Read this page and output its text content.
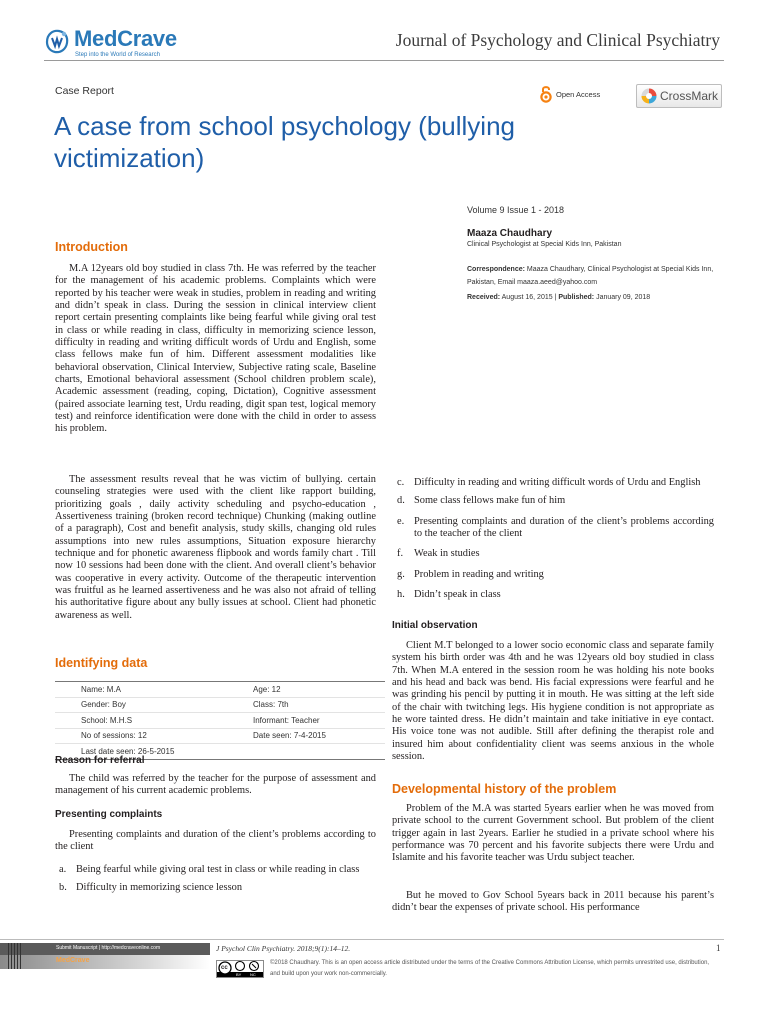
MedCrave
Step into the World of Research
Journal of Psychology and Clinical Psychiatry
Case Report	Open Access	CrossMark
A case from school psychology (bullying victimization)
Volume 9 Issue 1 - 2018
Maaza Chaudhary
Clinical Psychologist at Special Kids Inn, Pakistan
Correspondence: Maaza Chaudhary, Clinical Psychologist at Special Kids Inn, Pakistan, Email maaza.aeed@yahoo.com
Received: August 16, 2015 | Published: January 09, 2018
Introduction
M.A 12years old boy studied in class 7th. He was referred by the teacher for the management of his academic problems. Complaints which were reported by his teacher were weak in studies, problem in reading and writing and didn’t speak in class. During the session in clinical interview client report certain presenting complaints like being fearful while giving oral test in class or while reading in class, difficulty in memorizing science lesson, difficulty in reading and writing difficult words of Urdu and English, some class fellows make fun of him. Different assessment modalities like behavioral observation, Clinical Interview, Subjective rating scale, Baseline charts, Emotional behavioral assessment (School children problem scale), Academic assessment (reading, coping, Dictation), Cognitive assessment (paired associate learning test, Urdu reading, digit span test, logical memory test) and reinforce identification were done with the child in order to assess his problem.
The assessment results reveal that he was victim of bullying. certain counseling strategies were used with the client like rapport building, prioritizing goals , daily activity scheduling and psycho-education , Assertiveness training (broken record technique) Chunking (making outline of a paragraph), Cost and benefit analysis, study skills, changing old rules assumptions into new rules assumptions, Situation exposure hierarchy technique and for phonetic awareness flipbook and words family chart . Till now 10 sessions had been done with the client. And overall client’s behavior was cooperative in every activity. Outcome of the therapeutic intervention was fruitful as he learned assertiveness and he was also not afraid of telling his authoritative figure about any bully issues at school. Client had phonetic awareness as well.
Identifying data
Name: M.A	Age: 12
Gender: Boy	Class: 7th
School: M.H.S	Informant: Teacher
No of sessions: 12	Date seen: 7-4-2015
Last date seen: 26-5-2015
Reason for referral
The child was referred by the teacher for the purpose of assessment and management of his current academic problems.
Presenting complaints
Presenting complaints and duration of the client’s problems according to the client
a. Being fearful while giving oral test in class or while reading in class
b. Difficulty in memorizing science lesson
c. Difficulty in reading and writing difficult words of Urdu and English
d. Some class fellows make fun of him
e. Presenting complaints and duration of the client’s problems according to the teacher of the client
f. Weak in studies
g. Problem in reading and writing
h. Didn’t speak in class
Initial observation
Client M.T belonged to a lower socio economic class and separate family system his birth order was 4th and he was 12years old boy studied in class 7th. When M.A entered in the session room he was holding his note books and his head and back was bend. His facial expressions were fearful and he was grinding his pencil by putting it in mouth. He was sitting at the left side of the chair with twitching legs. His hygiene condition is not appropriate as he wore tainted dress. He didn’t maintain and take initiative in eye contact. His voice tone was not audible. Still after defining the therapist role and insured him about confidentiality client was seems anxious in the whole session.
Developmental history of the problem
Problem of the M.A was started 5years earlier when he was moved from private school to the current Government school. But problem of the client trigger again in last 2years. Earlier he studied in a private school where his performance was 70 percent and his favorite subjects there were Urdu and Islamite and his favorite teacher was Urdu subject teacher.
But he moved to Gov School 5years back in 2011 because his parent’s didn’t bear the expenses of private school. His performance
Submit Manuscript | http://medcraveonline.com
MedCrave
J Psychol Clin Psychiatry. 2018;9(1):14‒12.	1
cc
BY NC
©2018 Chaudhary. This is an open access article distributed under the terms of the Creative Commons Attribution License, which permits unrestrited use, distribution, and build upon your work non-commercially.
